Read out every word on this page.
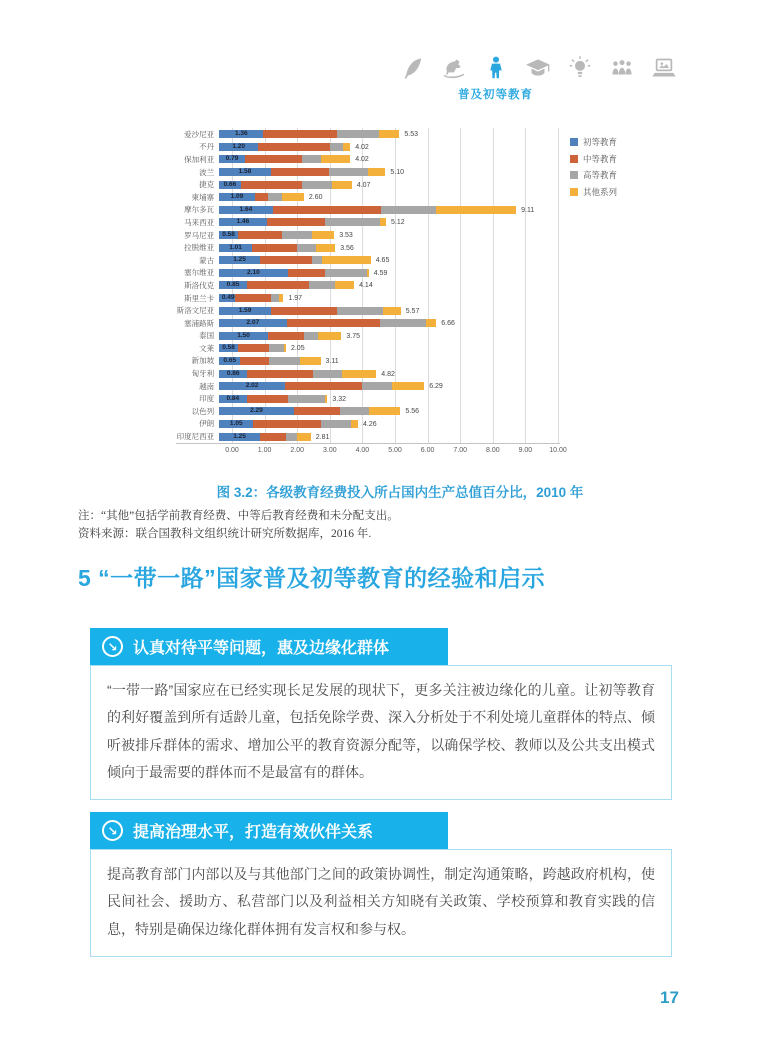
普及初等教育
爱沙尼亚	1.36	5.53
不丹	1.20	4.02
保加利亚	0.79	4.02
波兰	1.58	5.10
捷克	0.66	4.07
柬埔寨	1.09	2.60
摩尔多瓦	1.64	9.11
马来西亚	1.46	5.12
罗马尼亚	0.58	3.53
拉脱维亚	1.01	3.56
蒙古	1.25	4.65
塞尔维亚	2.10	4.59
斯洛伐克	0.85	4.14
斯里兰卡	0.49	1.97
斯洛文尼亚	1.59	5.57
塞浦路斯	2.07	6.66
泰国	1.50	3.75
文莱	0.58	2.05
新加坡	0.65	3.11
匈牙利	0.86	4.82
越南	2.02	6.29
印度	0.84	3.32
以色列	2.29	5.56
伊朗	1.05	4.26
印度尼西亚	1.25	2.81
0.00	1.00	2.00	3.00	4.00	5.00	6.00	7.00	8.00	9.00	10.00
初等教育
中等教育
高等教育
其他系列
图 3.2：各级教育经费投入所占国内生产总值百分比，2010 年
注：“其他”包括学前教育经费、中等后教育经费和未分配支出。
资料来源：联合国教科文组织统计研究所数据库，2016 年.
5 “一带一路”国家普及初等教育的经验和启示
↘ 认真对待平等问题，惠及边缘化群体
“一带一路”国家应在已经实现长足发展的现状下，更多关注被边缘化的儿童。让初等教育的利好覆盖到所有适龄儿童，包括免除学费、深入分析处于不利处境儿童群体的特点、倾听被排斥群体的需求、增加公平的教育资源分配等，以确保学校、教师以及公共支出模式倾向于最需要的群体而不是最富有的群体。
↘ 提高治理水平，打造有效伙伴关系
提高教育部门内部以及与其他部门之间的政策协调性，制定沟通策略，跨越政府机构，使民间社会、援助方、私营部门以及利益相关方知晓有关政策、学校预算和教育实践的信息，特别是确保边缘化群体拥有发言权和参与权。
17
